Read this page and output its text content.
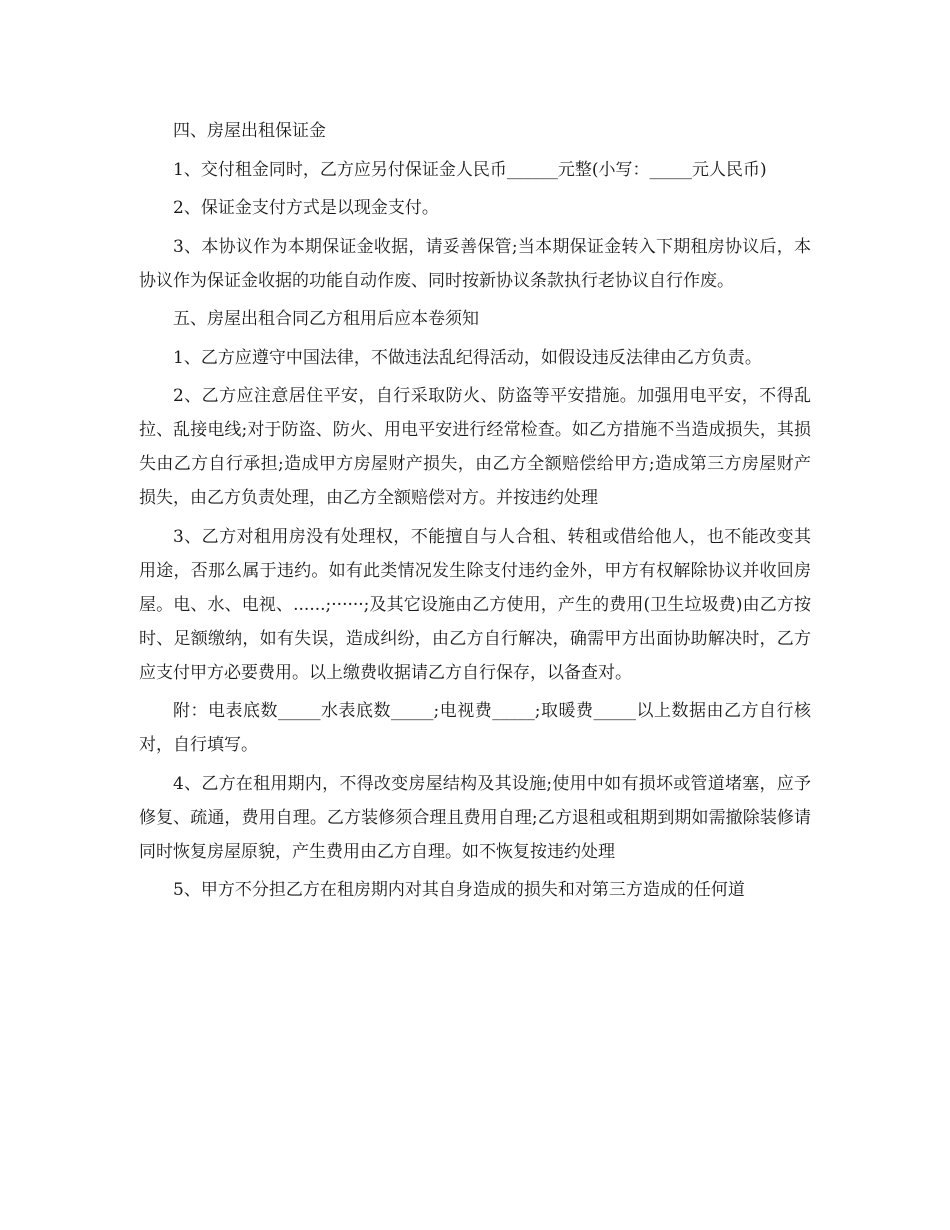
四、房屋出租保证金

1、交付租金同时，乙方应另付保证金人民币______元整(小写：_____元人民币)

2、保证金支付方式是以现金支付。

3、本协议作为本期保证金收据，请妥善保管;当本期保证金转入下期租房协议后，本协议作为保证金收据的功能自动作废、同时按新协议条款执行老协议自行作废。

五、房屋出租合同乙方租用后应本卷须知

1、乙方应遵守中国法律，不做违法乱纪得活动，如假设违反法律由乙方负责。

2、乙方应注意居住平安，自行采取防火、防盗等平安措施。加强用电平安，不得乱拉、乱接电线;对于防盗、防火、用电平安进行经常检查。如乙方措施不当造成损失，其损失由乙方自行承担;造成甲方房屋财产损失，由乙方全额赔偿给甲方;造成第三方房屋财产损失，由乙方负责处理，由乙方全额赔偿对方。并按违约处理

3、乙方对租用房没有处理权，不能擅自与人合租、转租或借给他人，也不能改变其用途，否那么属于违约。如有此类情况发生除支付违约金外，甲方有权解除协议并收回房屋。电、水、电视、......;······;及其它设施由乙方使用，产生的费用(卫生垃圾费)由乙方按时、足额缴纳，如有失误，造成纠纷，由乙方自行解决，确需甲方出面协助解决时，乙方应支付甲方必要费用。以上缴费收据请乙方自行保存，以备查对。

附：电表底数_____水表底数_____;电视费_____;取暖费_____以上数据由乙方自行核对，自行填写。

4、乙方在租用期内，不得改变房屋结构及其设施;使用中如有损坏或管道堵塞，应予修复、疏通，费用自理。乙方装修须合理且费用自理;乙方退租或租期到期如需撤除装修请同时恢复房屋原貌，产生费用由乙方自理。如不恢复按违约处理

5、甲方不分担乙方在租房期内对其自身造成的损失和对第三方造成的任何道
